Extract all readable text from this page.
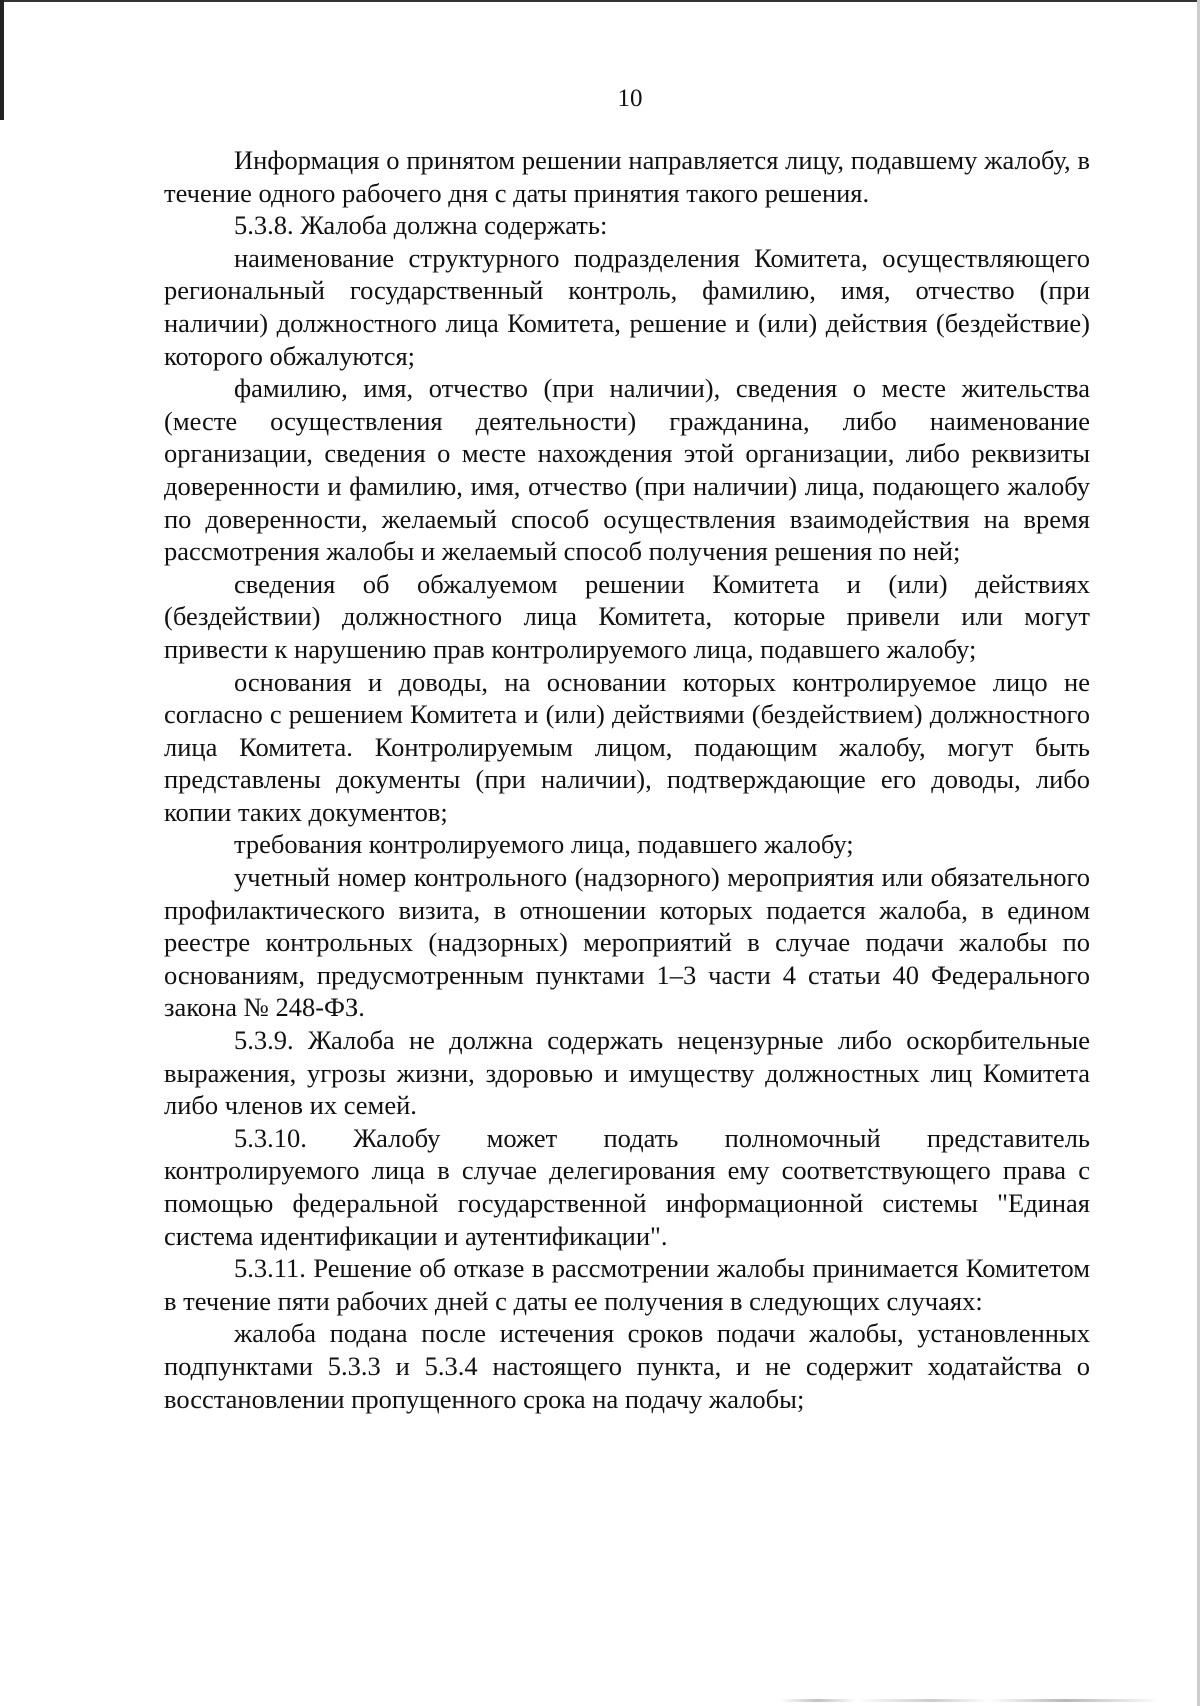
10

Информация о принятом решении направляется лицу, подавшему жалобу, в течение одного рабочего дня с даты принятия такого решения.

5.3.8. Жалоба должна содержать:

наименование структурного подразделения Комитета, осуществляющего региональный государственный контроль, фамилию, имя, отчество (при наличии) должностного лица Комитета, решение и (или) действия (бездействие) которого обжалуются;

фамилию, имя, отчество (при наличии), сведения о месте жительства (месте осуществления деятельности) гражданина, либо наименование организации, сведения о месте нахождения этой организации, либо реквизиты доверенности и фамилию, имя, отчество (при наличии) лица, подающего жалобу по доверенности, желаемый способ осуществления взаимодействия на время рассмотрения жалобы и желаемый способ получения решения по ней;

сведения об обжалуемом решении Комитета и (или) действиях (бездействии) должностного лица Комитета, которые привели или могут привести к нарушению прав контролируемого лица, подавшего жалобу;

основания и доводы, на основании которых контролируемое лицо не согласно с решением Комитета и (или) действиями (бездействием) должностного лица Комитета. Контролируемым лицом, подающим жалобу, могут быть представлены документы (при наличии), подтверждающие его доводы, либо копии таких документов;

требования контролируемого лица, подавшего жалобу;

учетный номер контрольного (надзорного) мероприятия или обязательного профилактического визита, в отношении которых подается жалоба, в едином реестре контрольных (надзорных) мероприятий в случае подачи жалобы по основаниям, предусмотренным пунктами 1–3 части 4 статьи 40 Федерального закона № 248-ФЗ.

5.3.9. Жалоба не должна содержать нецензурные либо оскорбительные выражения, угрозы жизни, здоровью и имуществу должностных лиц Комитета либо членов их семей.

5.3.10. Жалобу может подать полномочный представитель контролируемого лица в случае делегирования ему соответствующего права с помощью федеральной государственной информационной системы "Единая система идентификации и аутентификации".

5.3.11. Решение об отказе в рассмотрении жалобы принимается Комитетом в течение пяти рабочих дней с даты ее получения в следующих случаях:

жалоба подана после истечения сроков подачи жалобы, установленных подпунктами 5.3.3 и 5.3.4 настоящего пункта, и не содержит ходатайства о восстановлении пропущенного срока на подачу жалобы;
